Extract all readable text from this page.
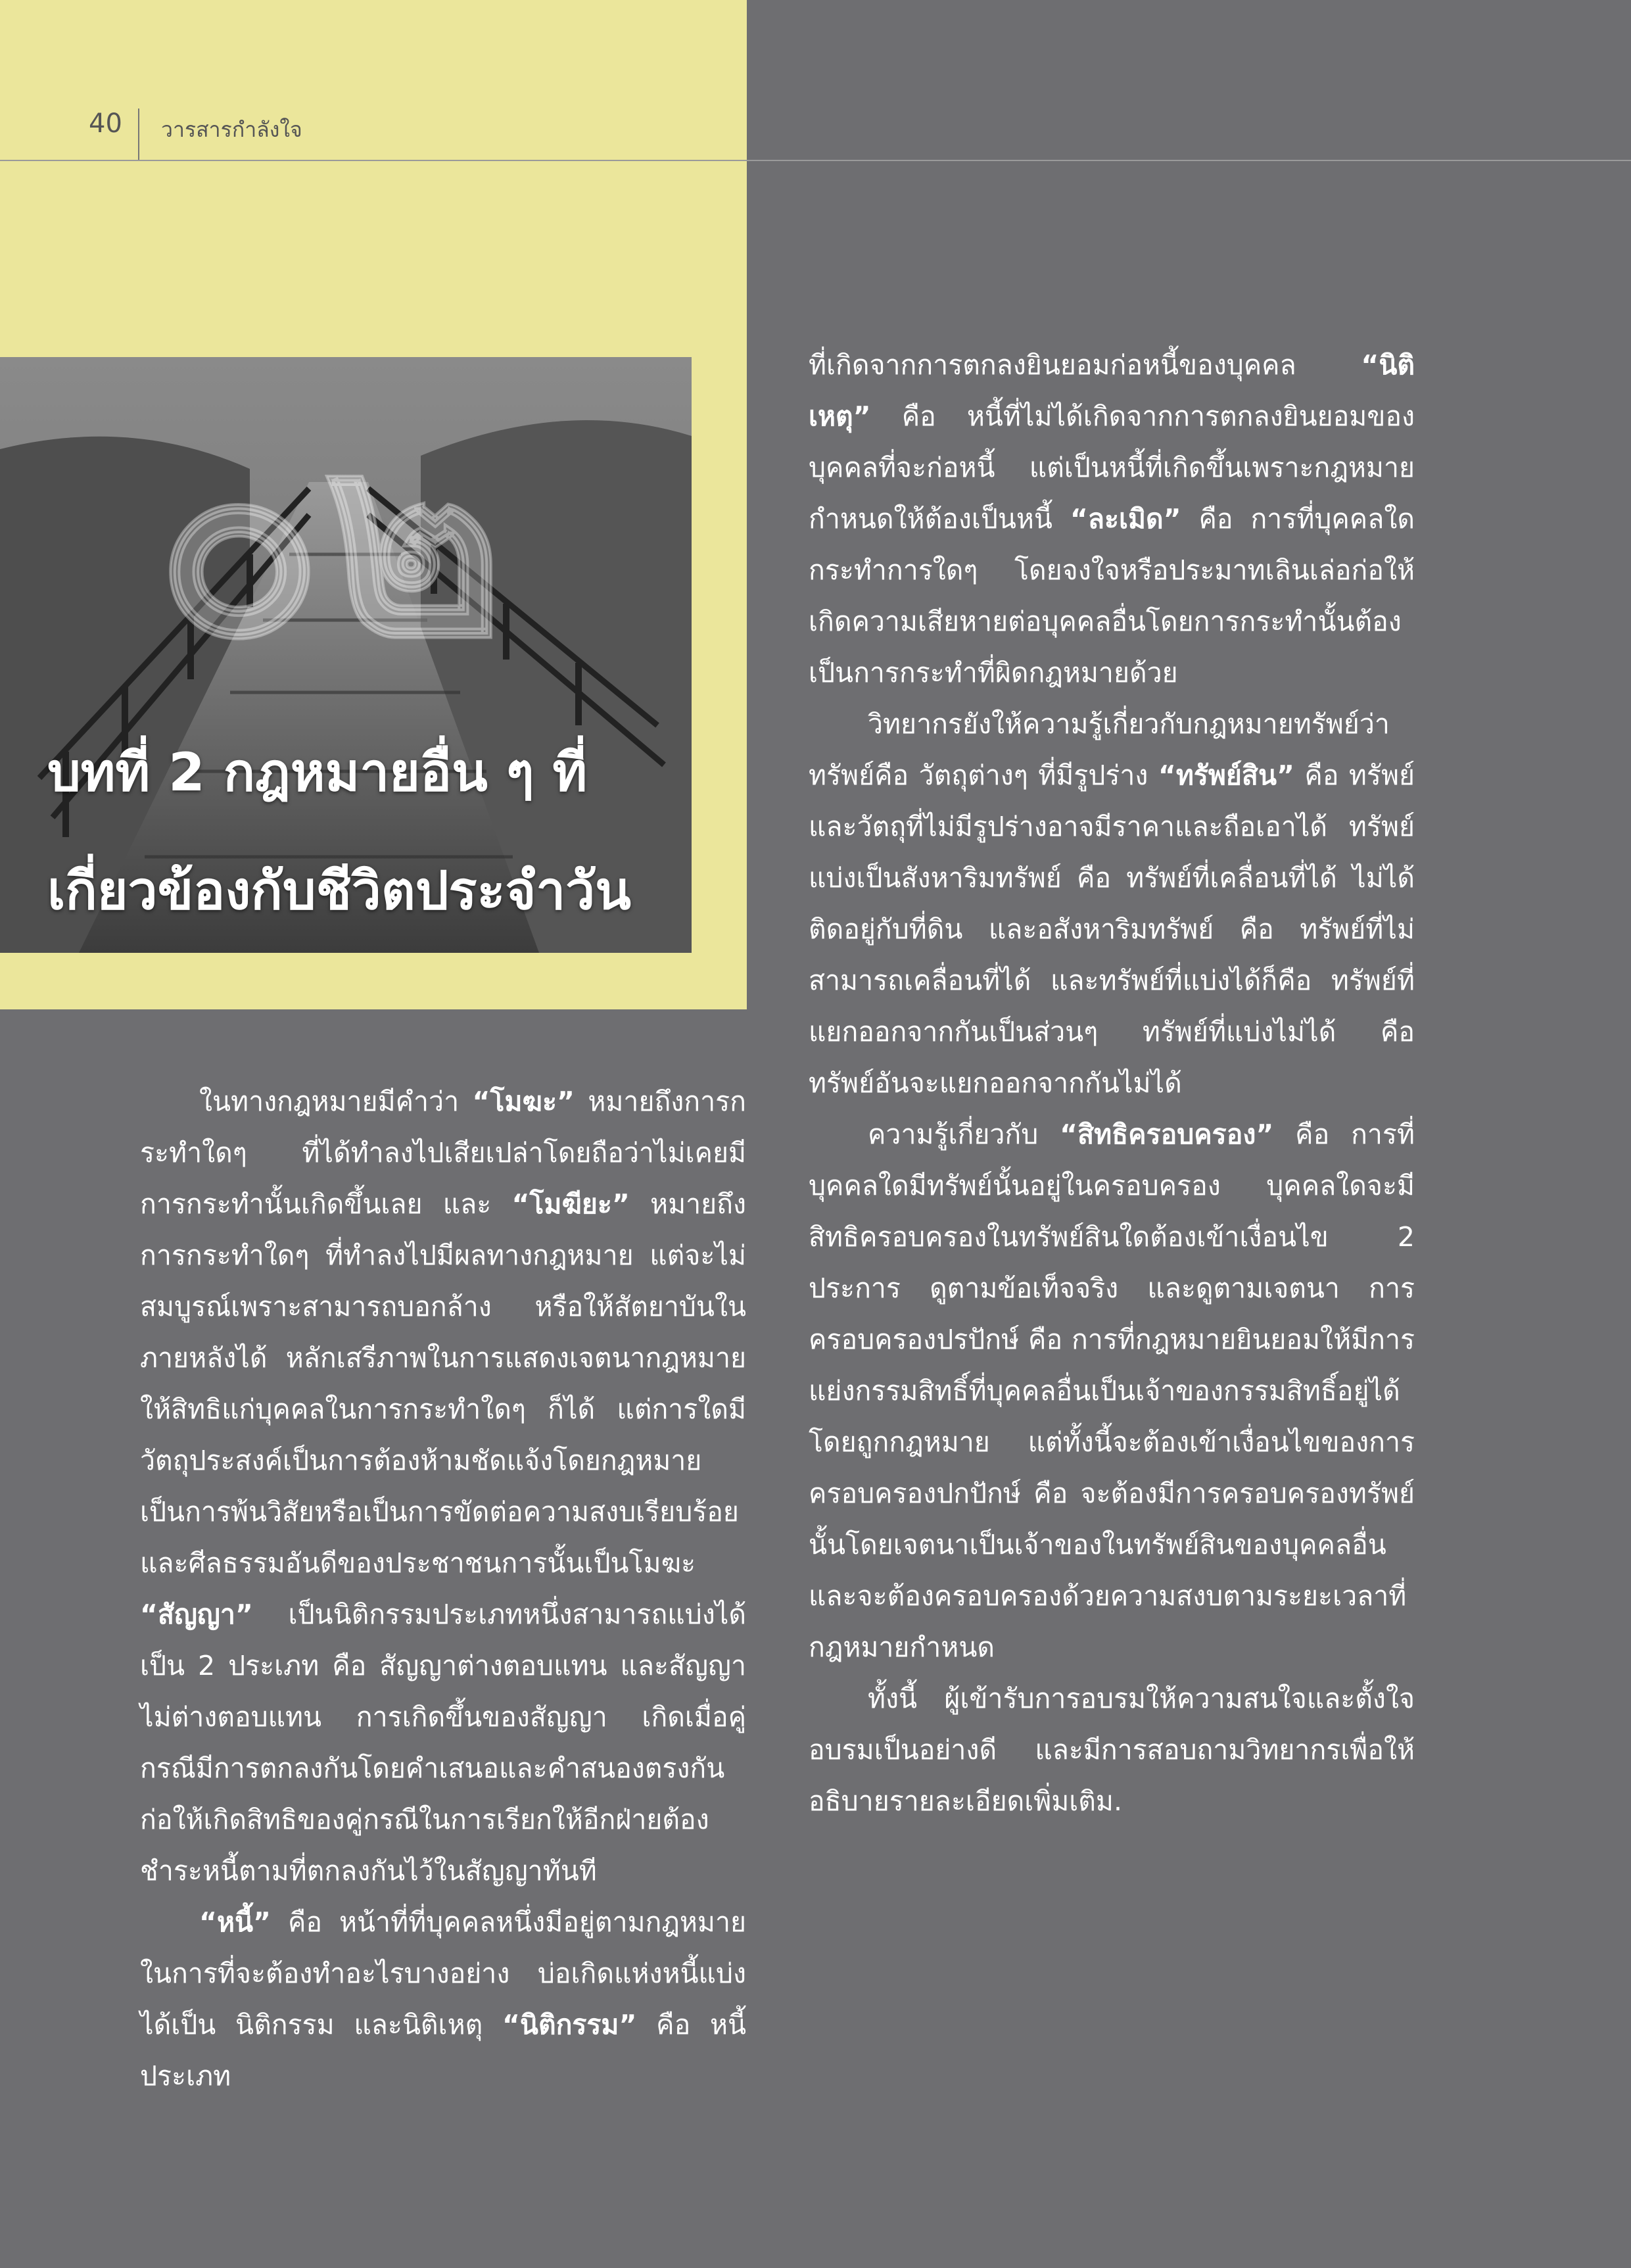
40 วารสารกำลังใจ
๐๒
บทที่ 2 กฎหมายอื่น ๆ ที่
เกี่ยวข้องกับชีวิตประจำวัน

ในทางกฎหมายมีคำว่า “โมฆะ” หมายถึงการกระทำใดๆ ที่ได้ทำลงไปเสียเปล่าโดยถือว่าไม่เคยมีการกระทำนั้นเกิดขึ้นเลย และ “โมฆียะ” หมายถึงการกระทำใดๆ ที่ทำลงไปมีผลทางกฎหมาย แต่จะไม่สมบูรณ์เพราะสามารถบอกล้าง หรือให้สัตยาบันในภายหลังได้ หลักเสรีภาพในการแสดงเจตนากฎหมายให้สิทธิแก่บุคคลในการกระทำใดๆ ก็ได้ แต่การใดมีวัตถุประสงค์เป็นการต้องห้ามชัดแจ้งโดยกฎหมายเป็นการพ้นวิสัยหรือเป็นการขัดต่อความสงบเรียบร้อยและศีลธรรมอันดีของประชาชนการนั้นเป็นโมฆะ “สัญญา” เป็นนิติกรรมประเภทหนึ่งสามารถแบ่งได้เป็น 2 ประเภท คือ สัญญาต่างตอบแทน และสัญญาไม่ต่างตอบแทน การเกิดขึ้นของสัญญา เกิดเมื่อคู่กรณีมีการตกลงกันโดยคำเสนอและคำสนองตรงกันก่อให้เกิดสิทธิของคู่กรณีในการเรียกให้อีกฝ่ายต้องชำระหนี้ตามที่ตกลงกันไว้ในสัญญาทันที

“หนี้” คือ หน้าที่ที่บุคคลหนึ่งมีอยู่ตามกฎหมายในการที่จะต้องทำอะไรบางอย่าง บ่อเกิดแห่งหนี้แบ่งได้เป็น นิติกรรม และนิติเหตุ “นิติกรรม” คือ หนี้ประเภท

ที่เกิดจากการตกลงยินยอมก่อหนี้ของบุคคล “นิติเหตุ” คือ หนี้ที่ไม่ได้เกิดจากการตกลงยินยอมของบุคคลที่จะก่อหนี้ แต่เป็นหนี้ที่เกิดขึ้นเพราะกฎหมายกำหนดให้ต้องเป็นหนี้ “ละเมิด” คือ การที่บุคคลใดกระทำการใดๆ โดยจงใจหรือประมาทเลินเล่อก่อให้เกิดความเสียหายต่อบุคคลอื่นโดยการกระทำนั้นต้องเป็นการกระทำที่ผิดกฎหมายด้วย

วิทยากรยังให้ความรู้เกี่ยวกับกฎหมายทรัพย์ว่าทรัพย์คือ วัตถุต่างๆ ที่มีรูปร่าง “ทรัพย์สิน” คือ ทรัพย์และวัตถุที่ไม่มีรูปร่างอาจมีราคาและถือเอาได้ ทรัพย์แบ่งเป็นสังหาริมทรัพย์ คือ ทรัพย์ที่เคลื่อนที่ได้ ไม่ได้ติดอยู่กับที่ดิน และอสังหาริมทรัพย์ คือ ทรัพย์ที่ไม่สามารถเคลื่อนที่ได้ และทรัพย์ที่แบ่งได้ก็คือ ทรัพย์ที่แยกออกจากกันเป็นส่วนๆ ทรัพย์ที่แบ่งไม่ได้ คือ ทรัพย์อันจะแยกออกจากกันไม่ได้

ความรู้เกี่ยวกับ “สิทธิครอบครอง” คือ การที่บุคคลใดมีทรัพย์นั้นอยู่ในครอบครอง บุคคลใดจะมีสิทธิครอบครองในทรัพย์สินใดต้องเข้าเงื่อนไข 2 ประการ ดูตามข้อเท็จจริง และดูตามเจตนา การครอบครองปรปักษ์ คือ การที่กฎหมายยินยอมให้มีการแย่งกรรมสิทธิ์ที่บุคคลอื่นเป็นเจ้าของกรรมสิทธิ์อยู่ได้โดยถูกกฎหมาย แต่ทั้งนี้จะต้องเข้าเงื่อนไขของการครอบครองปกปักษ์ คือ จะต้องมีการครอบครองทรัพย์นั้นโดยเจตนาเป็นเจ้าของในทรัพย์สินของบุคคลอื่นและจะต้องครอบครองด้วยความสงบตามระยะเวลาที่กฎหมายกำหนด

ทั้งนี้ ผู้เข้ารับการอบรมให้ความสนใจและตั้งใจอบรมเป็นอย่างดี และมีการสอบถามวิทยากรเพื่อให้อธิบายรายละเอียดเพิ่มเติม.
